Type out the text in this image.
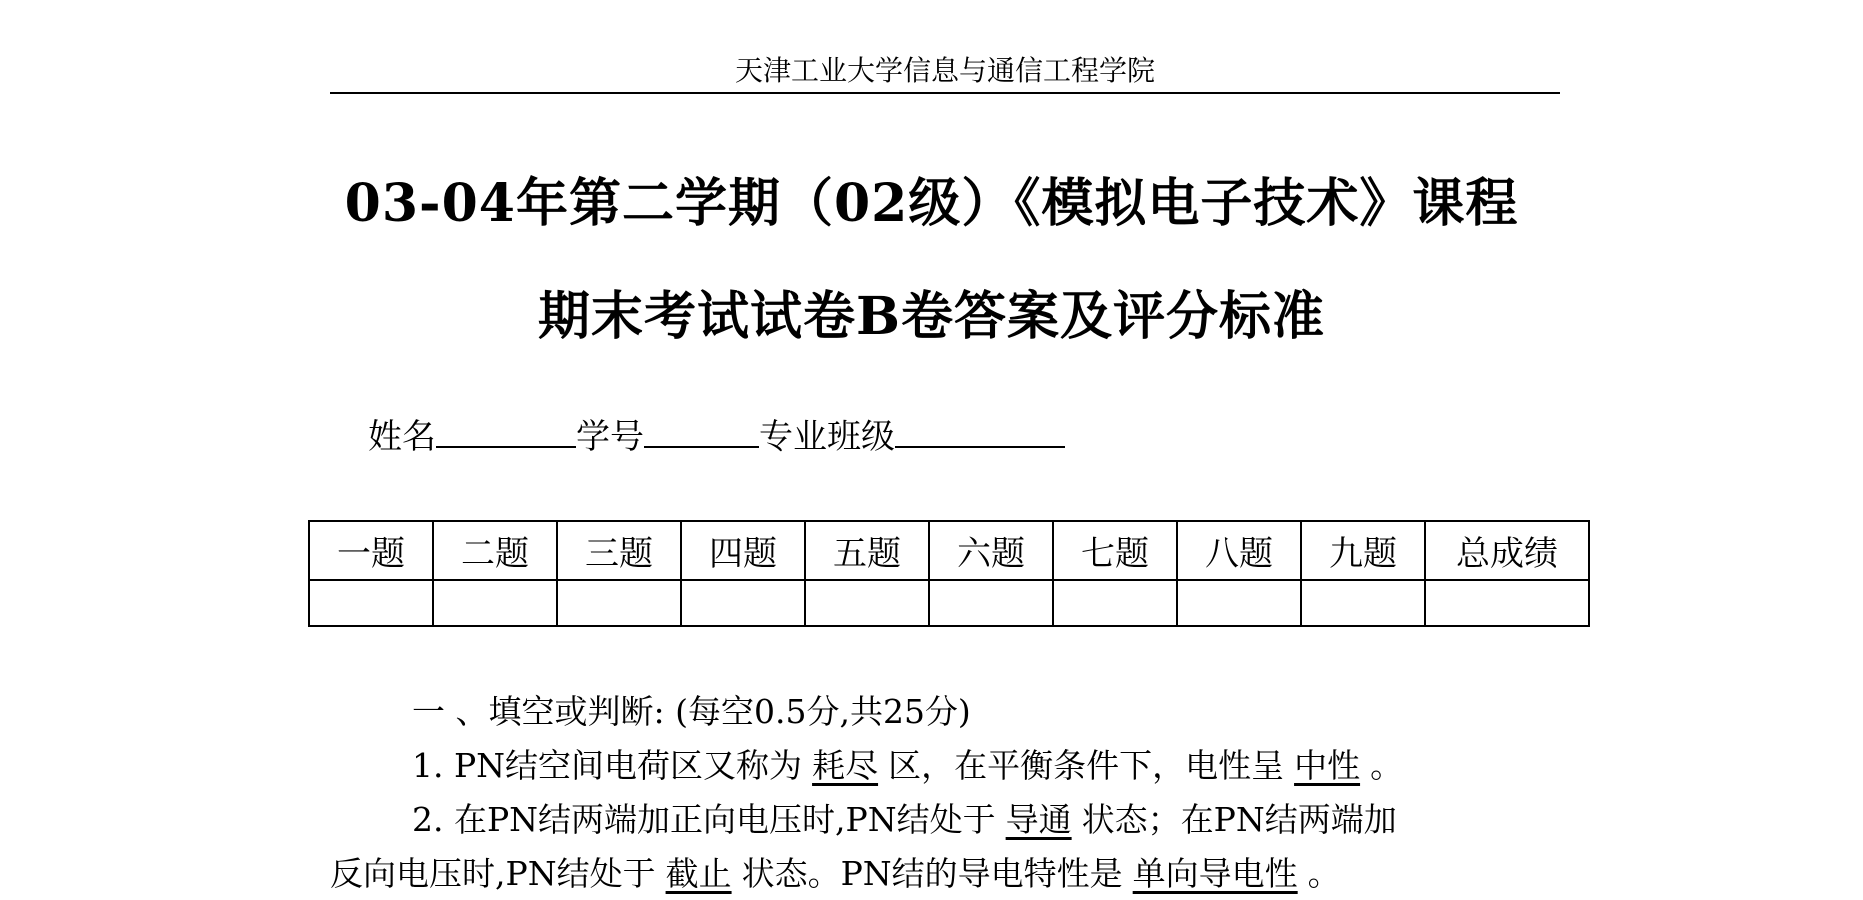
天津工业大学信息与通信工程学院
03-04年第二学期（02级）《模拟电子技术》课程
期末考试试卷B卷答案及评分标准
姓名	学号	专业班级
一题	二题	三题	四题	五题	六题	七题	八题	九题	总成绩

一 、填空或判断: (每空0.5分,共25分)
1. PN结空间电荷区又称为 耗尽 区，在平衡条件下，电性呈 中性 。
2. 在PN结两端加正向电压时,PN结处于 导通 状态；在PN结两端加
反向电压时,PN结处于 截止 状态。PN结的导电特性是 单向导电性 。
